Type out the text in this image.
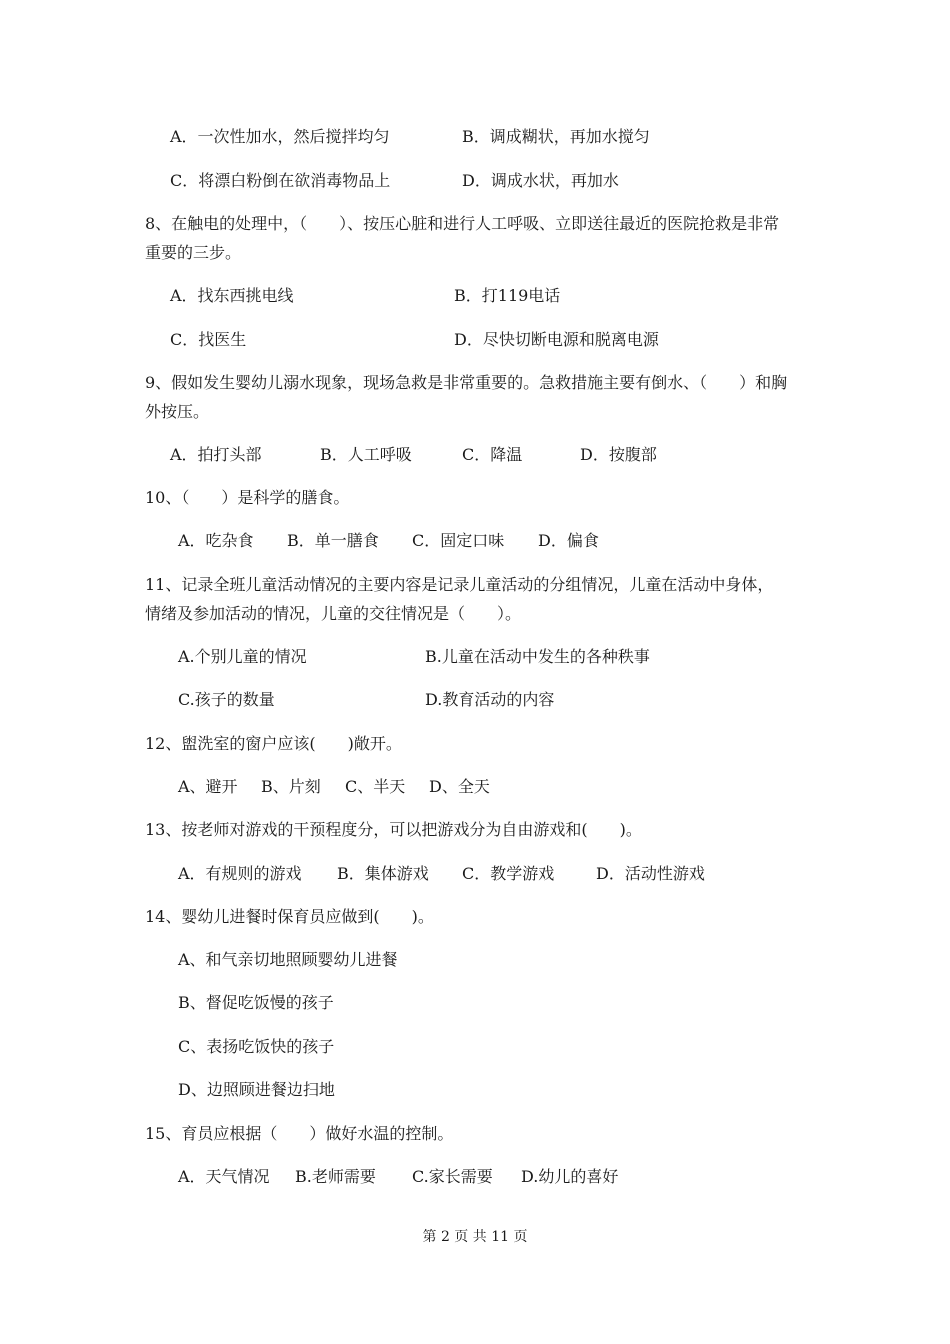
A．一次性加水，然后搅拌均匀	B．调成糊状，再加水搅匀
C．将漂白粉倒在欲消毒物品上	D．调成水状，再加水
8、在触电的处理中，（　　）、按压心脏和进行人工呼吸、立即送往最近的医院抢救是非常
重要的三步。
A．找东西挑电线	B．打119电话
C．找医生	D．尽快切断电源和脱离电源
9、假如发生婴幼儿溺水现象，现场急救是非常重要的。急救措施主要有倒水、（　　）和胸
外按压。
A．拍打头部	B．人工呼吸	C．降温	D．按腹部
10、（　　）是科学的膳食。
A．吃杂食 B．单一膳食 C．固定口味 D．偏食
11、记录全班儿童活动情况的主要内容是记录儿童活动的分组情况，儿童在活动中身体，
情绪及参加活动的情况，儿童的交往情况是（　　）。
A.个别儿童的情况	B.儿童在活动中发生的各种秩事
C.孩子的数量	D.教育活动的内容
12、盥洗室的窗户应该(　　)敞开。
A、避开 B、片刻 C、半天 D、全天
13、按老师对游戏的干预程度分，可以把游戏分为自由游戏和(　　)。
A．有规则的游戏 B．集体游戏 C．教学游戏	D．活动性游戏
14、婴幼儿进餐时保育员应做到(　　)。
A、和气亲切地照顾婴幼儿进餐
B、督促吃饭慢的孩子
C、表扬吃饭快的孩子
D、边照顾进餐边扫地
15、育员应根据（　　）做好水温的控制。
A．天气情况 B.老师需要 C.家长需要 D.幼儿的喜好
第 2 页 共 11 页
